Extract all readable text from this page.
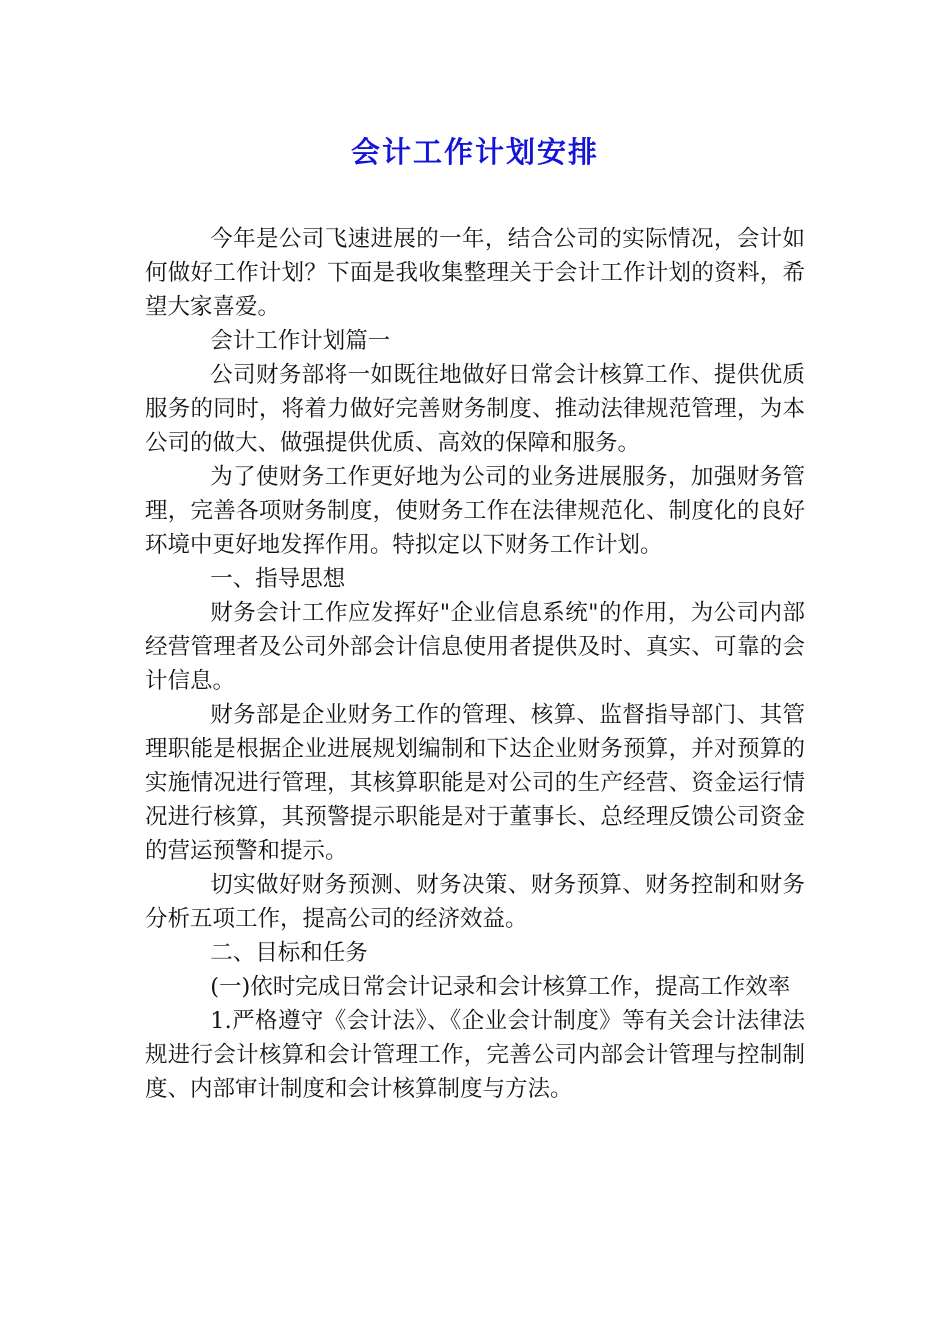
会计工作计划安排

今年是公司飞速进展的一年，结合公司的实际情况，会计如何做好工作计划？下面是我收集整理关于会计工作计划的资料，希望大家喜爱。

会计工作计划篇一

公司财务部将一如既往地做好日常会计核算工作、提供优质服务的同时，将着力做好完善财务制度、推动法律规范管理，为本公司的做大、做强提供优质、高效的保障和服务。

为了使财务工作更好地为公司的业务进展服务，加强财务管理，完善各项财务制度，使财务工作在法律规范化、制度化的良好环境中更好地发挥作用。特拟定以下财务工作计划。

一、指导思想

财务会计工作应发挥好"企业信息系统"的作用，为公司内部经营管理者及公司外部会计信息使用者提供及时、真实、可靠的会计信息。

财务部是企业财务工作的管理、核算、监督指导部门、其管理职能是根据企业进展规划编制和下达企业财务预算，并对预算的实施情况进行管理，其核算职能是对公司的生产经营、资金运行情况进行核算，其预警提示职能是对于董事长、总经理反馈公司资金的营运预警和提示。

切实做好财务预测、财务决策、财务预算、财务控制和财务分析五项工作，提高公司的经济效益。

二、目标和任务

(一)依时完成日常会计记录和会计核算工作，提高工作效率

1.严格遵守《会计法》、《企业会计制度》等有关会计法律法规进行会计核算和会计管理工作，完善公司内部会计管理与控制制度、内部审计制度和会计核算制度与方法。
